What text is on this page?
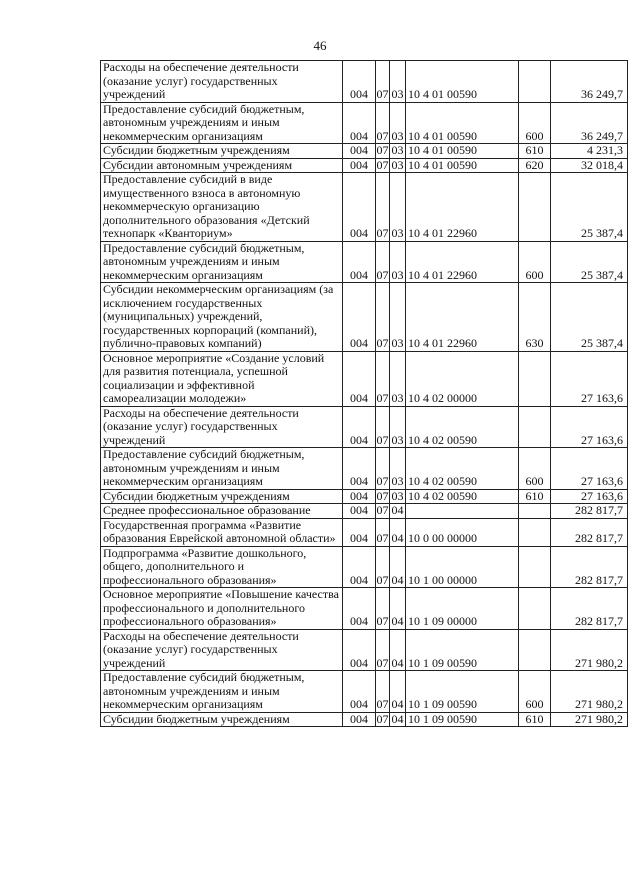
46
Расходы на обеспечение деятельности (оказание услуг) государственных учреждений	004	07	03	10 4 01 00590		36 249,7
Предоставление субсидий бюджетным, автономным учреждениям и иным некоммерческим организациям	004	07	03	10 4 01 00590	600	36 249,7
Субсидии бюджетным учреждениям	004	07	03	10 4 01 00590	610	4 231,3
Субсидии автономным учреждениям	004	07	03	10 4 01 00590	620	32 018,4
Предоставление субсидий в виде имущественного взноса в автономную некоммерческую организацию дополнительного образования «Детский технопарк «Кванториум»	004	07	03	10 4 01 22960		25 387,4
Предоставление субсидий бюджетным, автономным учреждениям и иным некоммерческим организациям	004	07	03	10 4 01 22960	600	25 387,4
Субсидии некоммерческим организациям (за исключением государственных (муниципальных) учреждений, государственных корпораций (компаний), публично-правовых компаний)	004	07	03	10 4 01 22960	630	25 387,4
Основное мероприятие «Создание условий для развития потенциала, успешной социализации и эффективной самореализации молодежи»	004	07	03	10 4 02 00000		27 163,6
Расходы на обеспечение деятельности (оказание услуг) государственных учреждений	004	07	03	10 4 02 00590		27 163,6
Предоставление субсидий бюджетным, автономным учреждениям и иным некоммерческим организациям	004	07	03	10 4 02 00590	600	27 163,6
Субсидии бюджетным учреждениям	004	07	03	10 4 02 00590	610	27 163,6
Среднее профессиональное образование	004	07	04			282 817,7
Государственная программа «Развитие образования Еврейской автономной области»	004	07	04	10 0 00 00000		282 817,7
Подпрограмма «Развитие дошкольного, общего, дополнительного и профессионального образования»	004	07	04	10 1 00 00000		282 817,7
Основное мероприятие «Повышение качества профессионального и дополнительного профессионального образования»	004	07	04	10 1 09 00000		282 817,7
Расходы на обеспечение деятельности (оказание услуг) государственных учреждений	004	07	04	10 1 09 00590		271 980,2
Предоставление субсидий бюджетным, автономным учреждениям и иным некоммерческим организациям	004	07	04	10 1 09 00590	600	271 980,2
Субсидии бюджетным учреждениям	004	07	04	10 1 09 00590	610	271 980,2
